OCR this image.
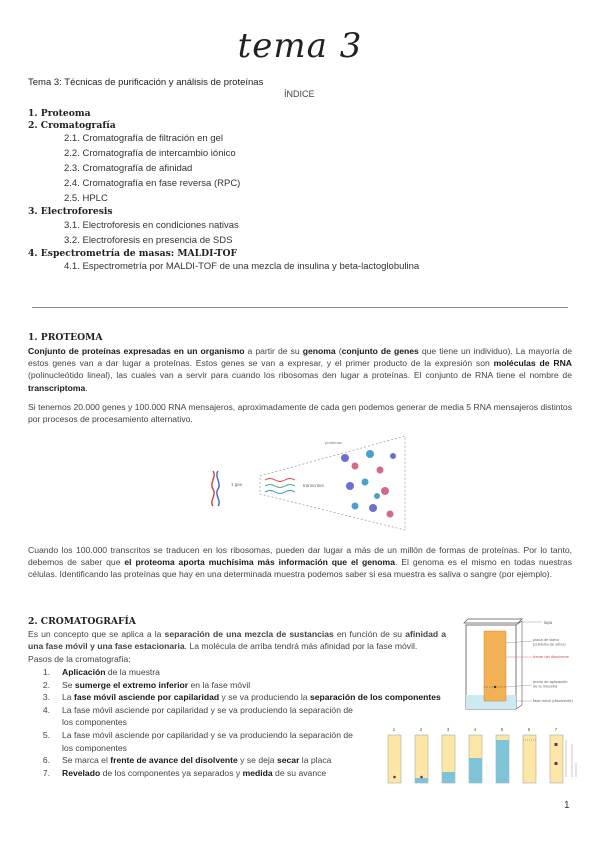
tema 3
Tema 3: Técnicas de purificación y análisis de proteínas
ÍNDICE
1. Proteoma
2. Cromatografía
2.1. Cromatografía de filtración en gel
2.2. Cromatografía de intercambio iónico
2.3. Cromatografía de afinidad
2.4. Cromatografía en fase reversa (RPC)
2.5. HPLC
3. Electroforesis
3.1. Electroforesis en condiciones nativas
3.2. Electroforesis en presencia de SDS
4. Espectrometría de masas: MALDI-TOF
4.1. Espectrometría por MALDI-TOF de una mezcla de insulina y beta-lactoglobulina
1. PROTEOMA
Conjunto de proteínas expresadas en un organismo a partir de su genoma (conjunto de genes que tiene un individuo). La mayoría de estos genes van a dar lugar a proteínas. Estos genes se van a expresar, y el primer producto de la expresión son moléculas de RNA (polinucleótido lineal), las cuales van a servir para cuando los ribosomas den lugar a proteínas. El conjunto de RNA tiene el nombre de transcriptoma.
Si tenemos 20.000 genes y 100.000 RNA mensajeros, aproximadamente de cada gen podemos generar de media 5 RNA mensajeros distintos por procesos de procesamiento alternativo.
1 gen	transcritos
proteínas
Cuando los 100.000 transcritos se traducen en los ribosomas, pueden dar lugar a más de un millón de formas de proteínas. Por lo tanto, debemos de saber que el proteoma aporta muchísima más información que el genoma. El genoma es el mismo en todas nuestras células. Identificando las proteínas que hay en una determinada muestra podemos saber si esa muestra es saliva o sangre (por ejemplo).
2. CROMATOGRAFÍA
Es un concepto que se aplica a la separación de una mezcla de sustancias en función de su afinidad a una fase móvil y una fase estacionaria. La molécula de arriba tendrá más afinidad por la fase móvil.
Pasos de la cromatografía:
1.	Aplicación de la muestra
2.	Se sumerge el extremo inferior en la fase móvil
3.	La fase móvil asciende por capilaridad y se va produciendo la separación de los componentes
4.	La fase móvil asciende por capilaridad y se va produciendo la separación de los componentes
5.	La fase móvil asciende por capilaridad y se va produciendo la separación de los componentes
6.	Se marca el frente de avance del disolvente y se deja secar la placa
7.	Revelado de los componentes ya separados y medida de su avance
tapa
placa de vidrio (cubierta de sílice)
frente del disolvente
punto de aplicación de la muestra
fase móvil (disolvente)
1	2	3	4	5	6	7
1
